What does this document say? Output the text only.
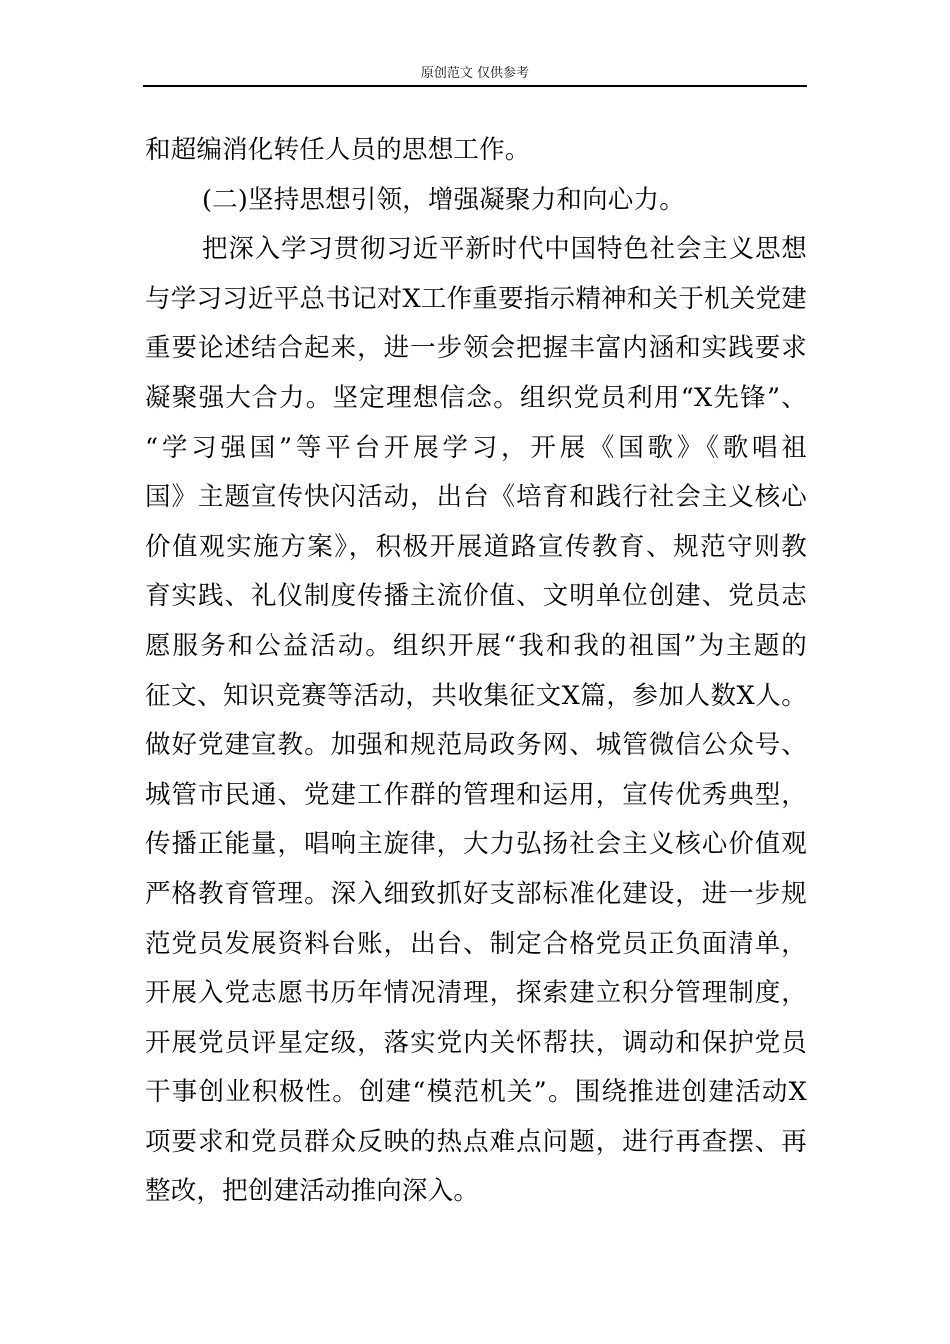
原创范文 仅供参考
和超编消化转任人员的思想工作。
(二)坚持思想引领，增强凝聚力和向心力。
把深入学习贯彻习近平新时代中国特色社会主义思想
与学习习近平总书记对X工作重要指示精神和关于机关党建
重要论述结合起来，进一步领会把握丰富内涵和实践要求
凝聚强大合力。坚定理想信念。组织党员利用“X先锋”、
“学习强国”等平台开展学习，开展《国歌》《歌唱祖
国》主题宣传快闪活动，出台《培育和践行社会主义核心
价值观实施方案》，积极开展道路宣传教育、规范守则教
育实践、礼仪制度传播主流价值、文明单位创建、党员志
愿服务和公益活动。组织开展“我和我的祖国”为主题的
征文、知识竞赛等活动，共收集征文X篇，参加人数X人。
做好党建宣教。加强和规范局政务网、城管微信公众号、
城管市民通、党建工作群的管理和运用，宣传优秀典型，
传播正能量，唱响主旋律，大力弘扬社会主义核心价值观
严格教育管理。深入细致抓好支部标准化建设，进一步规
范党员发展资料台账，出台、制定合格党员正负面清单，
开展入党志愿书历年情况清理，探索建立积分管理制度，
开展党员评星定级，落实党内关怀帮扶，调动和保护党员
干事创业积极性。创建“模范机关”。围绕推进创建活动X
项要求和党员群众反映的热点难点问题，进行再查摆、再
整改，把创建活动推向深入。
